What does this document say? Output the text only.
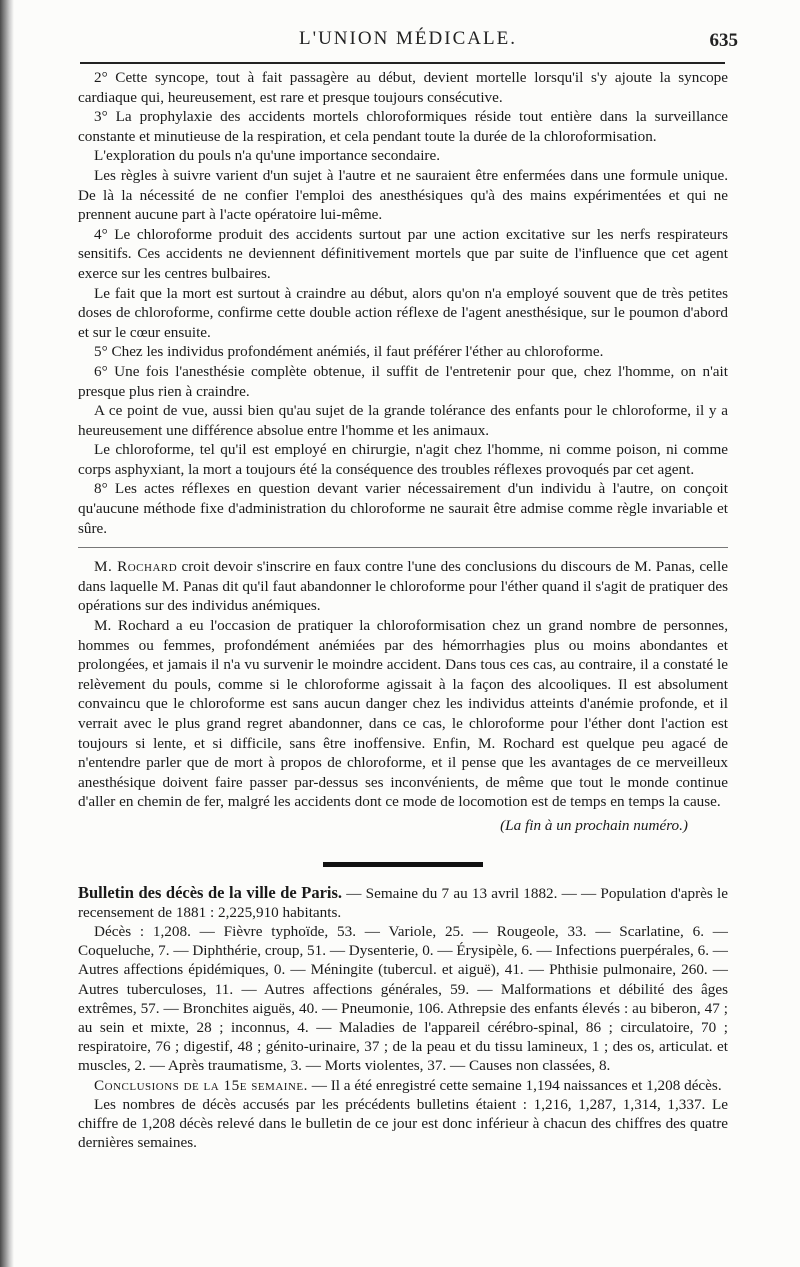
L'UNION MÉDICALE.	635

2° Cette syncope, tout à fait passagère au début, devient mortelle lorsqu'il s'y ajoute la syncope cardiaque qui, heureusement, est rare et presque toujours consécutive.

3° La prophylaxie des accidents mortels chloroformiques réside tout entière dans la surveillance constante et minutieuse de la respiration, et cela pendant toute la durée de la chloroformisation.

L'exploration du pouls n'a qu'une importance secondaire.

Les règles à suivre varient d'un sujet à l'autre et ne sauraient être enfermées dans une formule unique. De là la nécessité de ne confier l'emploi des anesthésiques qu'à des mains expérimentées et qui ne prennent aucune part à l'acte opératoire lui-même.

4° Le chloroforme produit des accidents surtout par une action excitative sur les nerfs respirateurs sensitifs. Ces accidents ne deviennent définitivement mortels que par suite de l'influence que cet agent exerce sur les centres bulbaires.

Le fait que la mort est surtout à craindre au début, alors qu'on n'a employé souvent que de très petites doses de chloroforme, confirme cette double action réflexe de l'agent anesthésique, sur le poumon d'abord et sur le cœur ensuite.

5° Chez les individus profondément anémiés, il faut préférer l'éther au chloroforme.

6° Une fois l'anesthésie complète obtenue, il suffit de l'entretenir pour que, chez l'homme, on n'ait presque plus rien à craindre.

A ce point de vue, aussi bien qu'au sujet de la grande tolérance des enfants pour le chloroforme, il y a heureusement une différence absolue entre l'homme et les animaux.

Le chloroforme, tel qu'il est employé en chirurgie, n'agit chez l'homme, ni comme poison, ni comme corps asphyxiant, la mort a toujours été la conséquence des troubles réflexes provoqués par cet agent.

8° Les actes réflexes en question devant varier nécessairement d'un individu à l'autre, on conçoit qu'aucune méthode fixe d'administration du chloroforme ne saurait être admise comme règle invariable et sûre.

M. Rochard croit devoir s'inscrire en faux contre l'une des conclusions du discours de M. Panas, celle dans laquelle M. Panas dit qu'il faut abandonner le chloroforme pour l'éther quand il s'agit de pratiquer des opérations sur des individus anémiques.

M. Rochard a eu l'occasion de pratiquer la chloroformisation chez un grand nombre de personnes, hommes ou femmes, profondément anémiées par des hémorrhagies plus ou moins abondantes et prolongées, et jamais il n'a vu survenir le moindre accident. Dans tous ces cas, au contraire, il a constaté le relèvement du pouls, comme si le chloroforme agissait à la façon des alcooliques. Il est absolument convaincu que le chloroforme est sans aucun danger chez les individus atteints d'anémie profonde, et il verrait avec le plus grand regret abandonner, dans ce cas, le chloroforme pour l'éther dont l'action est toujours si lente, et si difficile, sans être inoffensive. Enfin, M. Rochard est quelque peu agacé de n'entendre parler que de mort à propos de chloroforme, et il pense que les avantages de ce merveilleux anesthésique doivent faire passer par-dessus ses inconvénients, de même que tout le monde continue d'aller en chemin de fer, malgré les accidents dont ce mode de locomotion est de temps en temps la cause.

(La fin à un prochain numéro.)

Bulletin des décès de la ville de Paris. — Semaine du 7 au 13 avril 1882. — — Population d'après le recensement de 1881 : 2,225,910 habitants.

Décès : 1,208. — Fièvre typhoïde, 53. — Variole, 25. — Rougeole, 33. — Scarlatine, 6. — Coqueluche, 7. — Diphthérie, croup, 51. — Dysenterie, 0. — Érysipèle, 6. — Infections puerpérales, 6. — Autres affections épidémiques, 0. — Méningite (tubercul. et aiguë), 41. — Phthisie pulmonaire, 260. — Autres tuberculoses, 11. — Autres affections générales, 59. — Malformations et débilité des âges extrêmes, 57. — Bronchites aiguës, 40. — Pneumonie, 106. Athrepsie des enfants élevés : au biberon, 47 ; au sein et mixte, 28 ; inconnus, 4. — Maladies de l'appareil cérébro-spinal, 86 ; circulatoire, 70 ; respiratoire, 76 ; digestif, 48 ; génito-urinaire, 37 ; de la peau et du tissu lamineux, 1 ; des os, articulat. et muscles, 2. — Après traumatisme, 3. — Morts violentes, 37. — Causes non classées, 8.

Conclusions de la 15e semaine. — Il a été enregistré cette semaine 1,194 naissances et 1,208 décès.

Les nombres de décès accusés par les précédents bulletins étaient : 1,216, 1,287, 1,314, 1,337. Le chiffre de 1,208 décès relevé dans le bulletin de ce jour est donc inférieur à chacun des chiffres des quatre dernières semaines.
